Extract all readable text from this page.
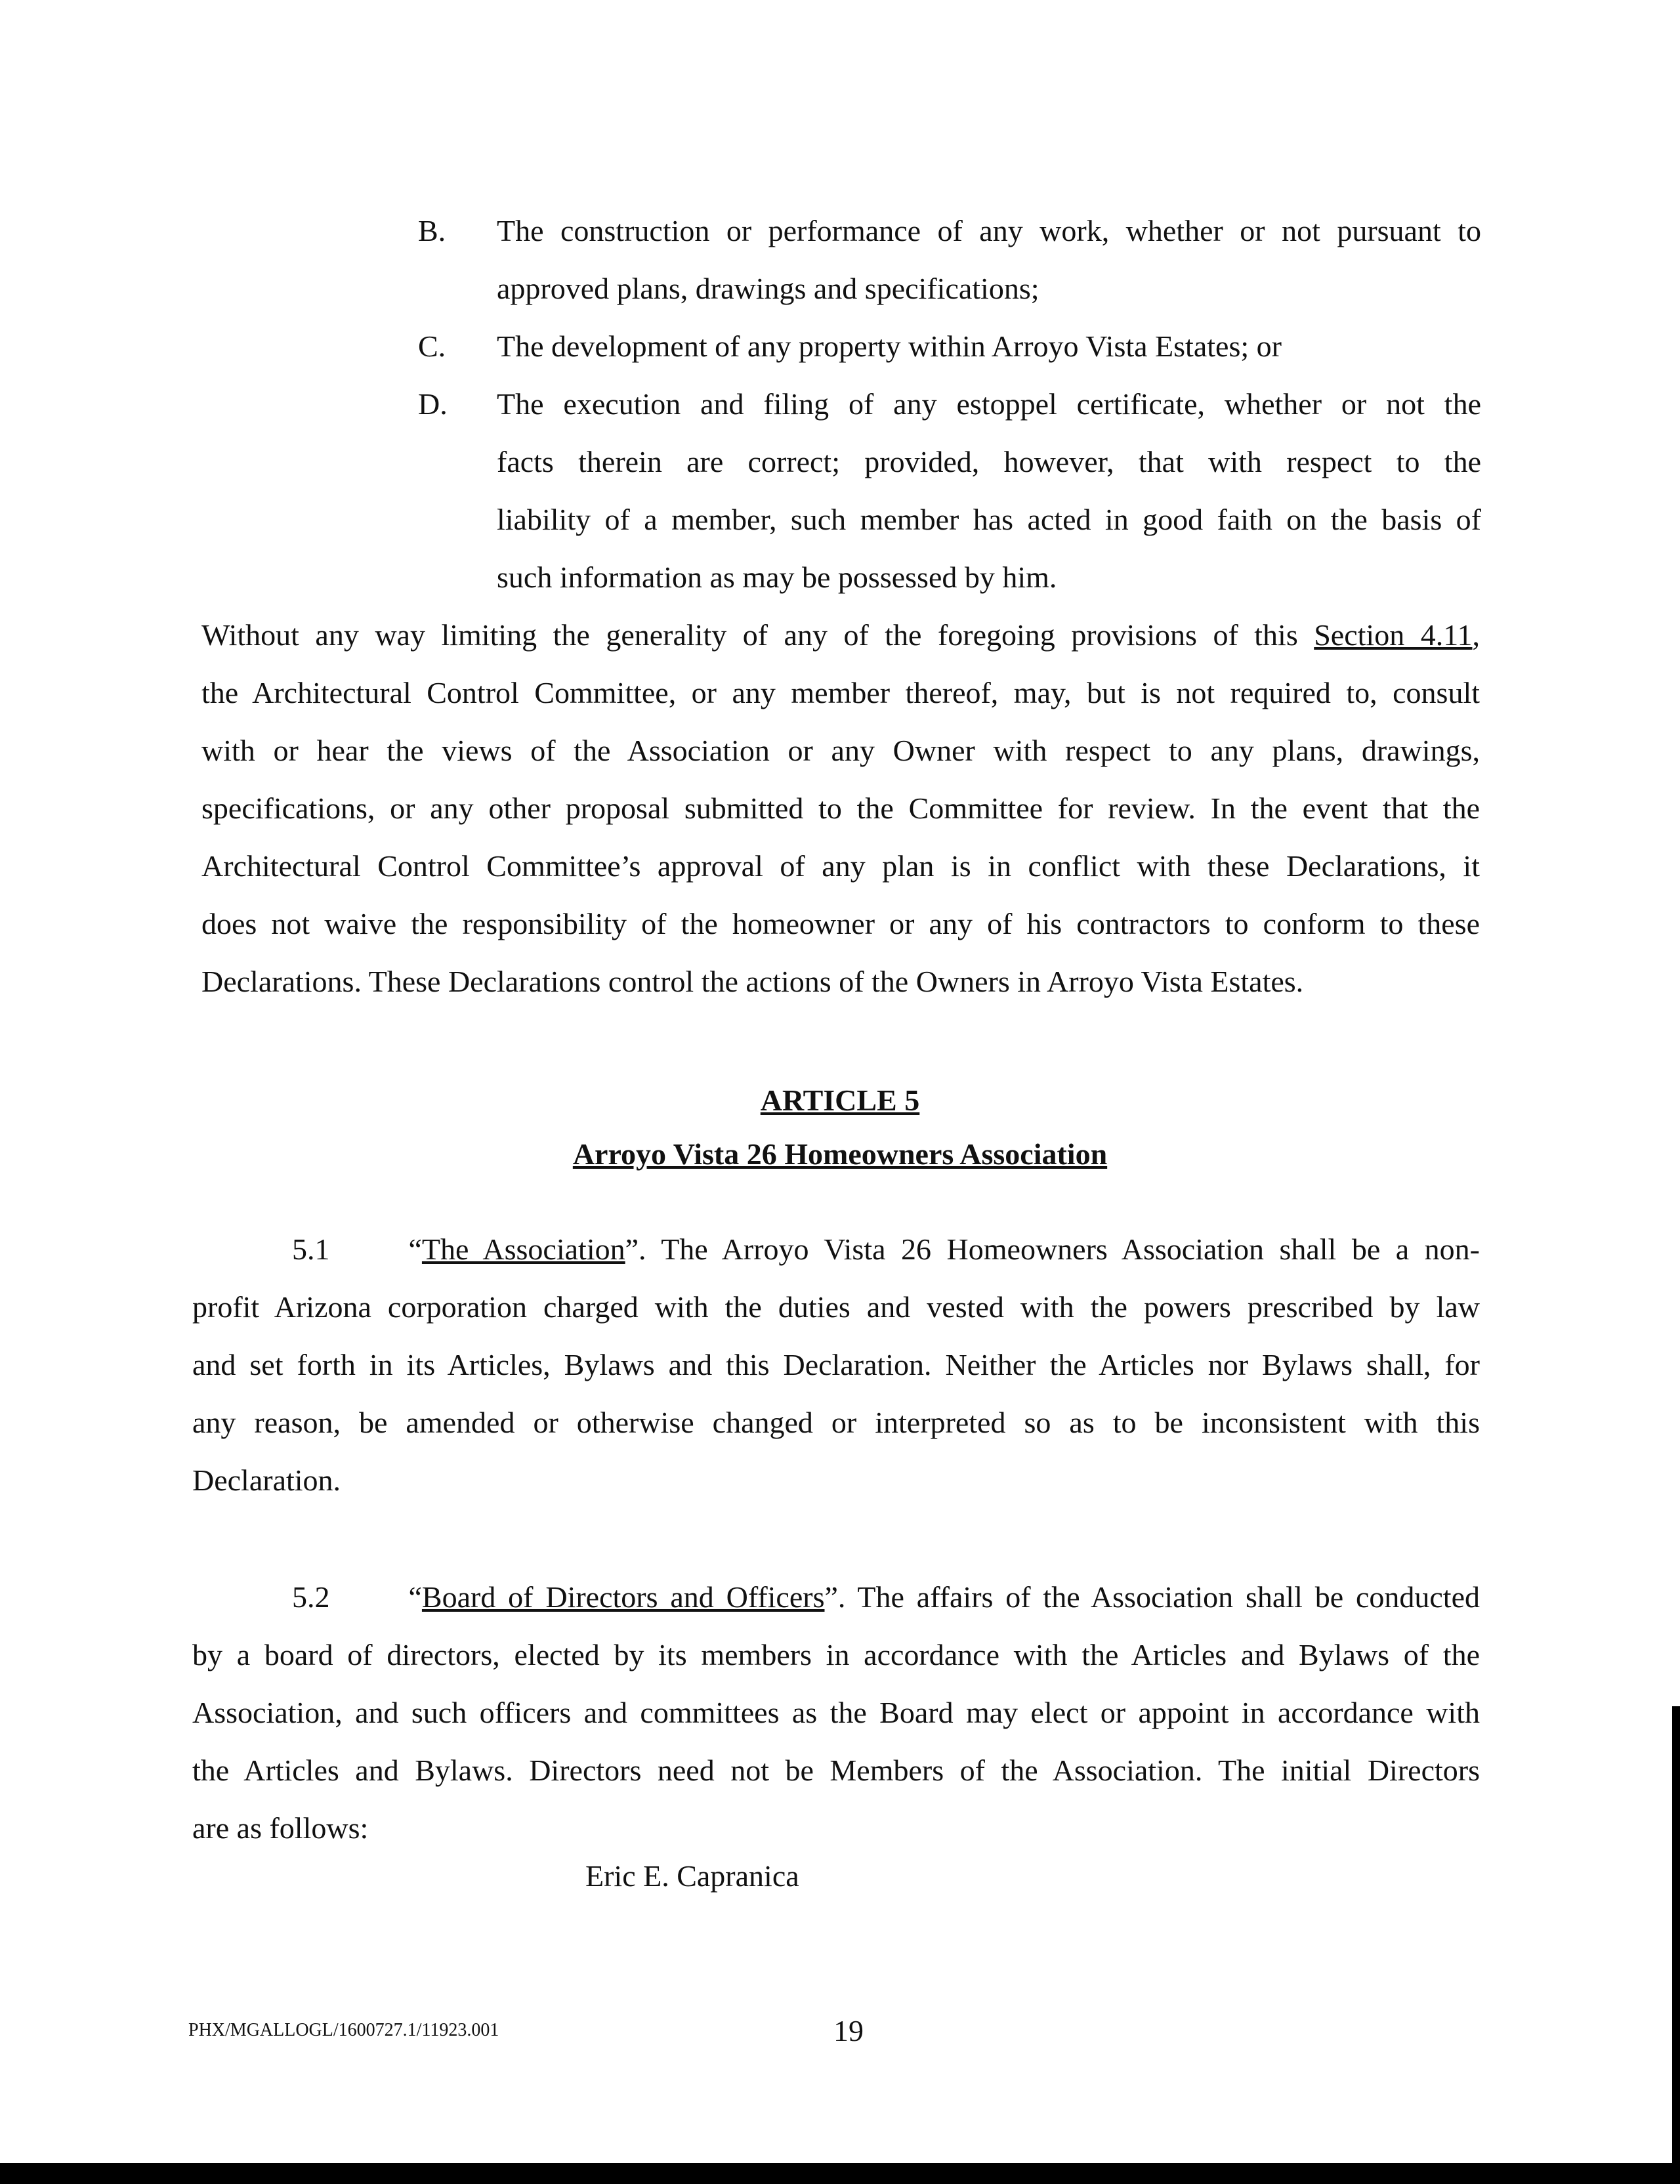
B. The construction or performance of any work, whether or not pursuant to
approved plans, drawings and specifications;
C. The development of any property within Arroyo Vista Estates; or
D. The execution and filing of any estoppel certificate, whether or not the
facts therein are correct; provided, however, that with respect to the
liability of a member, such member has acted in good faith on the basis of
such information as may be possessed by him.
Without any way limiting the generality of any of the foregoing provisions of this Section 4.11,
the Architectural Control Committee, or any member thereof, may, but is not required to, consult
with or hear the views of the Association or any Owner with respect to any plans, drawings,
specifications, or any other proposal submitted to the Committee for review. In the event that the
Architectural Control Committee’s approval of any plan is in conflict with these Declarations, it
does not waive the responsibility of the homeowner or any of his contractors to conform to these
Declarations. These Declarations control the actions of the Owners in Arroyo Vista Estates.
ARTICLE 5
Arroyo Vista 26 Homeowners Association
5.1	“The Association”. The Arroyo Vista 26 Homeowners Association shall be a non-
profit Arizona corporation charged with the duties and vested with the powers prescribed by law
and set forth in its Articles, Bylaws and this Declaration. Neither the Articles nor Bylaws shall, for
any reason, be amended or otherwise changed or interpreted so as to be inconsistent with this
Declaration.
5.2	“Board of Directors and Officers”. The affairs of the Association shall be conducted
by a board of directors, elected by its members in accordance with the Articles and Bylaws of the
Association, and such officers and committees as the Board may elect or appoint in accordance with
the Articles and Bylaws. Directors need not be Members of the Association. The initial Directors
are as follows:
Eric E. Capranica
PHX/MGALLOGL/1600727.1/11923.001	19
